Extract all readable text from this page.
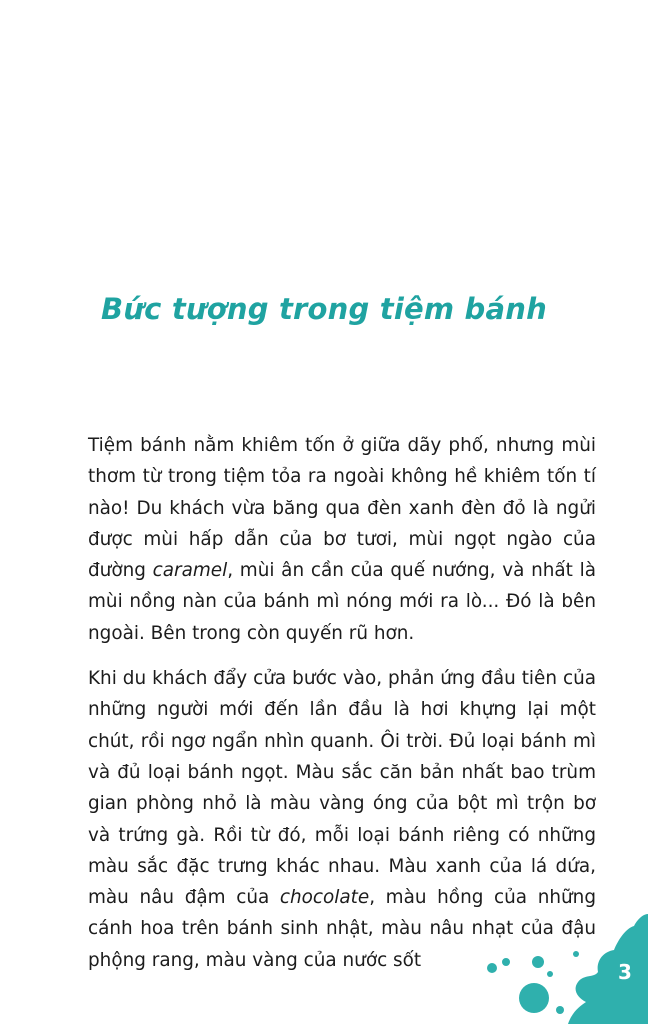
Bức tượng trong tiệm bánh

Tiệm bánh nằm khiêm tốn ở giữa dãy phố, nhưng mùi thơm từ trong tiệm tỏa ra ngoài không hề khiêm tốn tí nào! Du khách vừa băng qua đèn xanh đèn đỏ là ngửi được mùi hấp dẫn của bơ tươi, mùi ngọt ngào của đường caramel, mùi ân cần của quế nướng, và nhất là mùi nồng nàn của bánh mì nóng mới ra lò... Đó là bên ngoài. Bên trong còn quyến rũ hơn.

Khi du khách đẩy cửa bước vào, phản ứng đầu tiên của những người mới đến lần đầu là hơi khựng lại một chút, rồi ngơ ngẩn nhìn quanh. Ôi trời. Đủ loại bánh mì và đủ loại bánh ngọt. Màu sắc căn bản nhất bao trùm gian phòng nhỏ là màu vàng óng của bột mì trộn bơ và trứng gà. Rồi từ đó, mỗi loại bánh riêng có những màu sắc đặc trưng khác nhau. Màu xanh của lá dứa, màu nâu đậm của chocolate, màu hồng của những cánh hoa trên bánh sinh nhật, màu nâu nhạt của đậu phộng rang, màu vàng của nước sốt	3
